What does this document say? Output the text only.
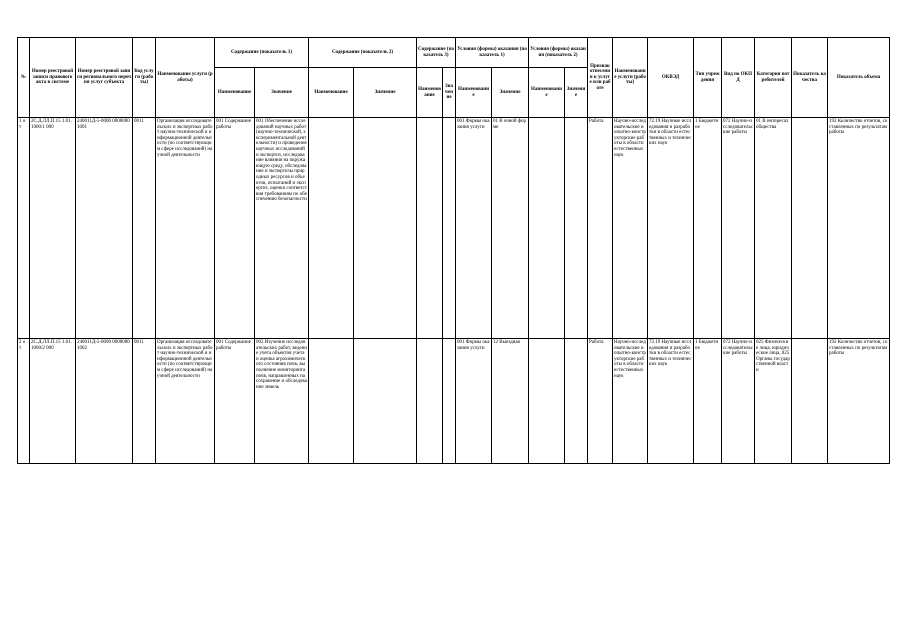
№	Номер реестровой записи правового акта в системе	Номер реестровой записи регионального перечня услуг субъекта	Код услуги (работы)	Наименование услуги (работы)	Содержание (показатель 1)		Содержание (показатель 2)		Содержание (показатель 3)		Условия (формы) оказания (показатель 1)		Условия (формы) оказания (показатель 2)		Признак отнесения к услуге или работе	Наименование услуги (работы)	ОКВЭД	Тип учреждения	Вид по ОКПД	Категория потребителей	Показатель качества	Показатель объема
					Наименование	Значение	Наименование	Значение	Наименование	Значение	Наименование	Значение	Наименование	Значение								
1 о т	2С.Д.ЛЛ.П.15 1.01.1000/1 000	240011Д-5-0000 00000001001	0011	Организация исследовательских и экспертных работ научно-технической и информационной деятельности (по соответствующим сфере исследований) научной деятельности	001 Содержание работы	001 Обеспечение исследований научных работ (научно-технической, экспериментальной деятельности) и проведение научных исследований и экспертиз, исследование влияния на окружающую среду, обследование и экспертизы природных ресурсов и объектов, испытаний и экспертиз, оценки соответствия требованиям по обеспечению безопасности					001 Формы оказания услуги	01 В очной форме			Работа	Научно-исследовательские и опытно-конструкторские работы в области естественных наук	72.19 Научные исследования и разработки в области естественных и технических наук	1 Бюджетное	072 Научно-исследовательские работы	01 В интересах общества		192 Количество отчетов, составленных по результатам работы
2 о т	2С.Д.ЛЛ.П.15 1.01.1000/2 000	240011Д-5-0000 00000001002	0011	Организация исследовательских и экспертных работ научно-технической и информационной деятельности (по соответствующим сфере исследований) научной деятельности	001 Содержание работы	002 Изучение исследовательских работ, ведение учета объектов учета и оценка агрохимического состояния почв, выполнение мониторинга почв, направленных на сохранение и обследование земель					001 Формы оказания услуги	12 Выездная			Работа	Научно-исследовательские и опытно-конструкторские работы в области естественных наук	72.19 Научные исследования и разработки в области естественных и технических наук	1 Бюджетное	072 Научно-исследовательские работы	025 Физические лица, юридические лица, 025 Органы государственной власти		192 Количество отчетов, составленных по результатам работы
